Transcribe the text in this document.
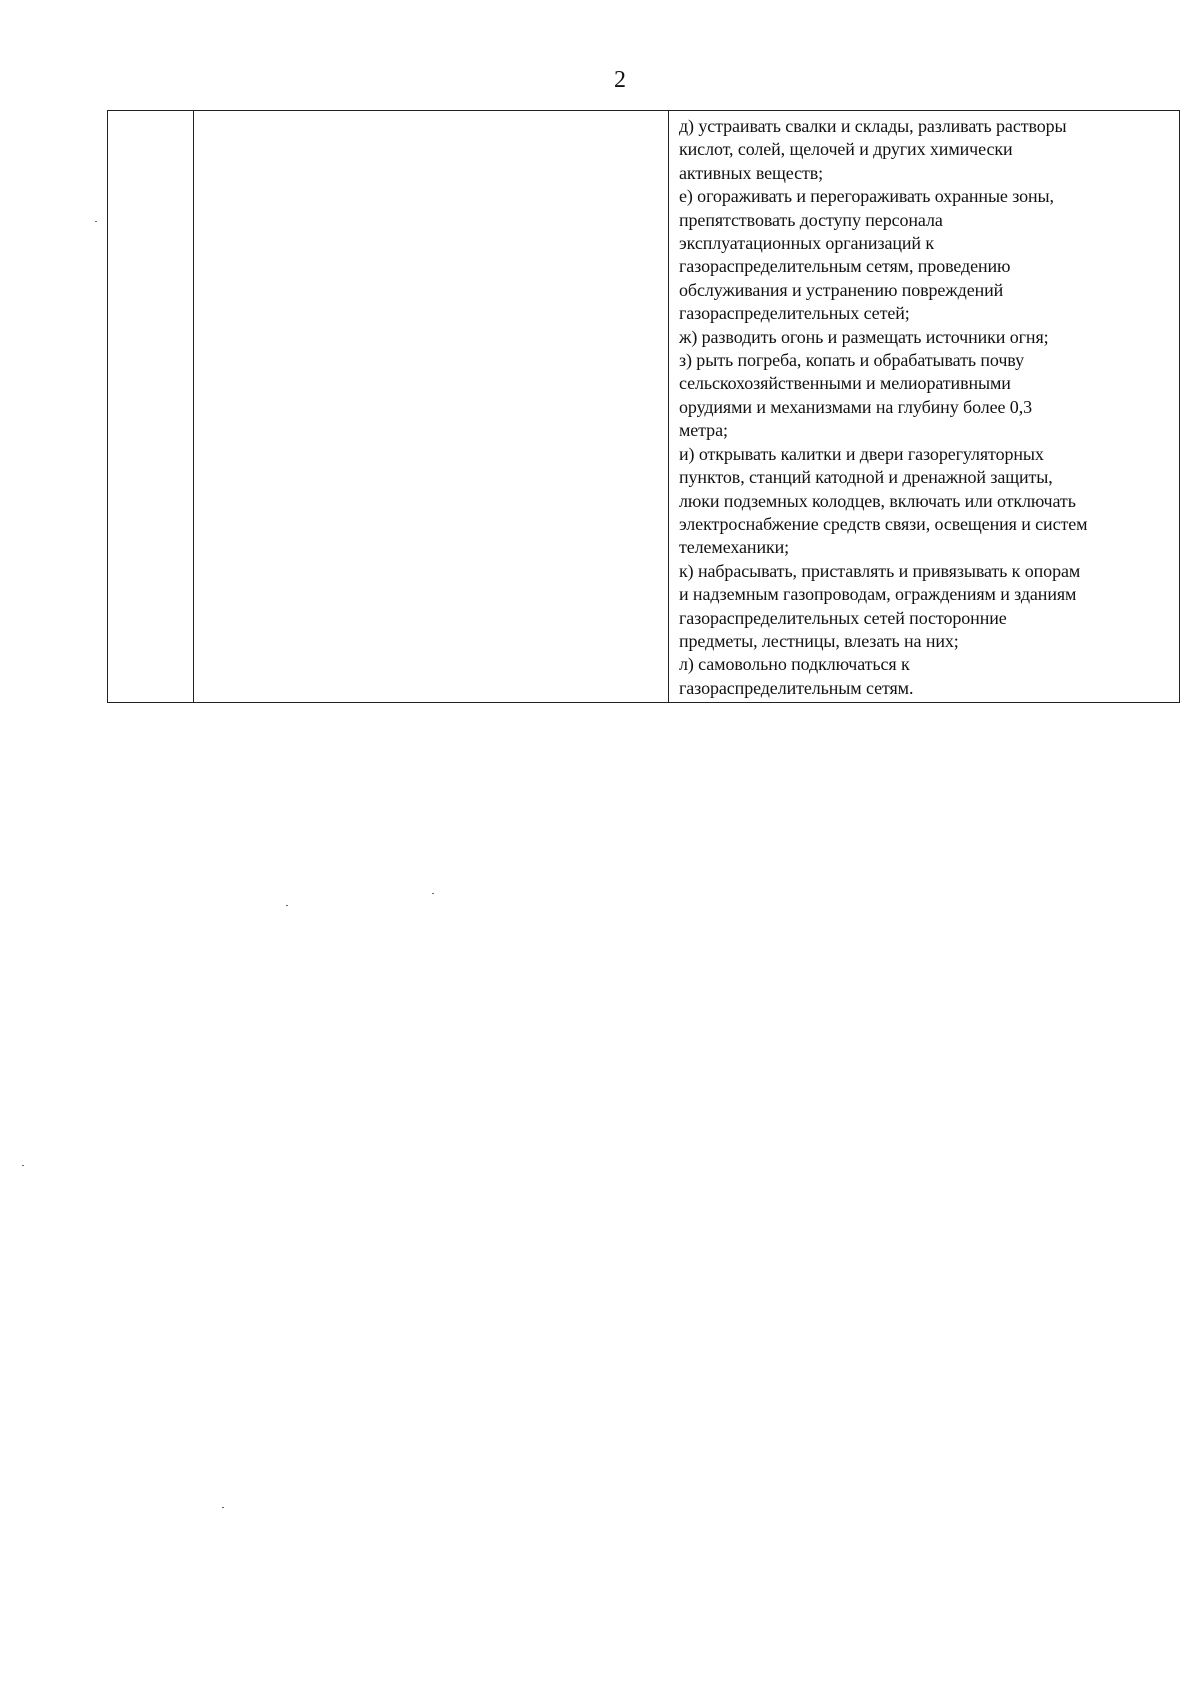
2

д) устраивать свалки и склады, разливать растворы
кислот, солей, щелочей и других химически
активных веществ;
е) огораживать и перегораживать охранные зоны,
препятствовать доступу персонала
эксплуатационных организаций к
газораспределительным сетям, проведению
обслуживания и устранению повреждений
газораспределительных сетей;
ж) разводить огонь и размещать источники огня;
з) рыть погреба, копать и обрабатывать почву
сельскохозяйственными и мелиоративными
орудиями и механизмами на глубину более 0,3
метра;
и) открывать калитки и двери газорегуляторных
пунктов, станций катодной и дренажной защиты,
люки подземных колодцев, включать или отключать
электроснабжение средств связи, освещения и систем
телемеханики;
к) набрасывать, приставлять и привязывать к опорам
и надземным газопроводам, ограждениям и зданиям
газораспределительных сетей посторонние
предметы, лестницы, влезать на них;
л) самовольно подключаться к
газораспределительным сетям.
